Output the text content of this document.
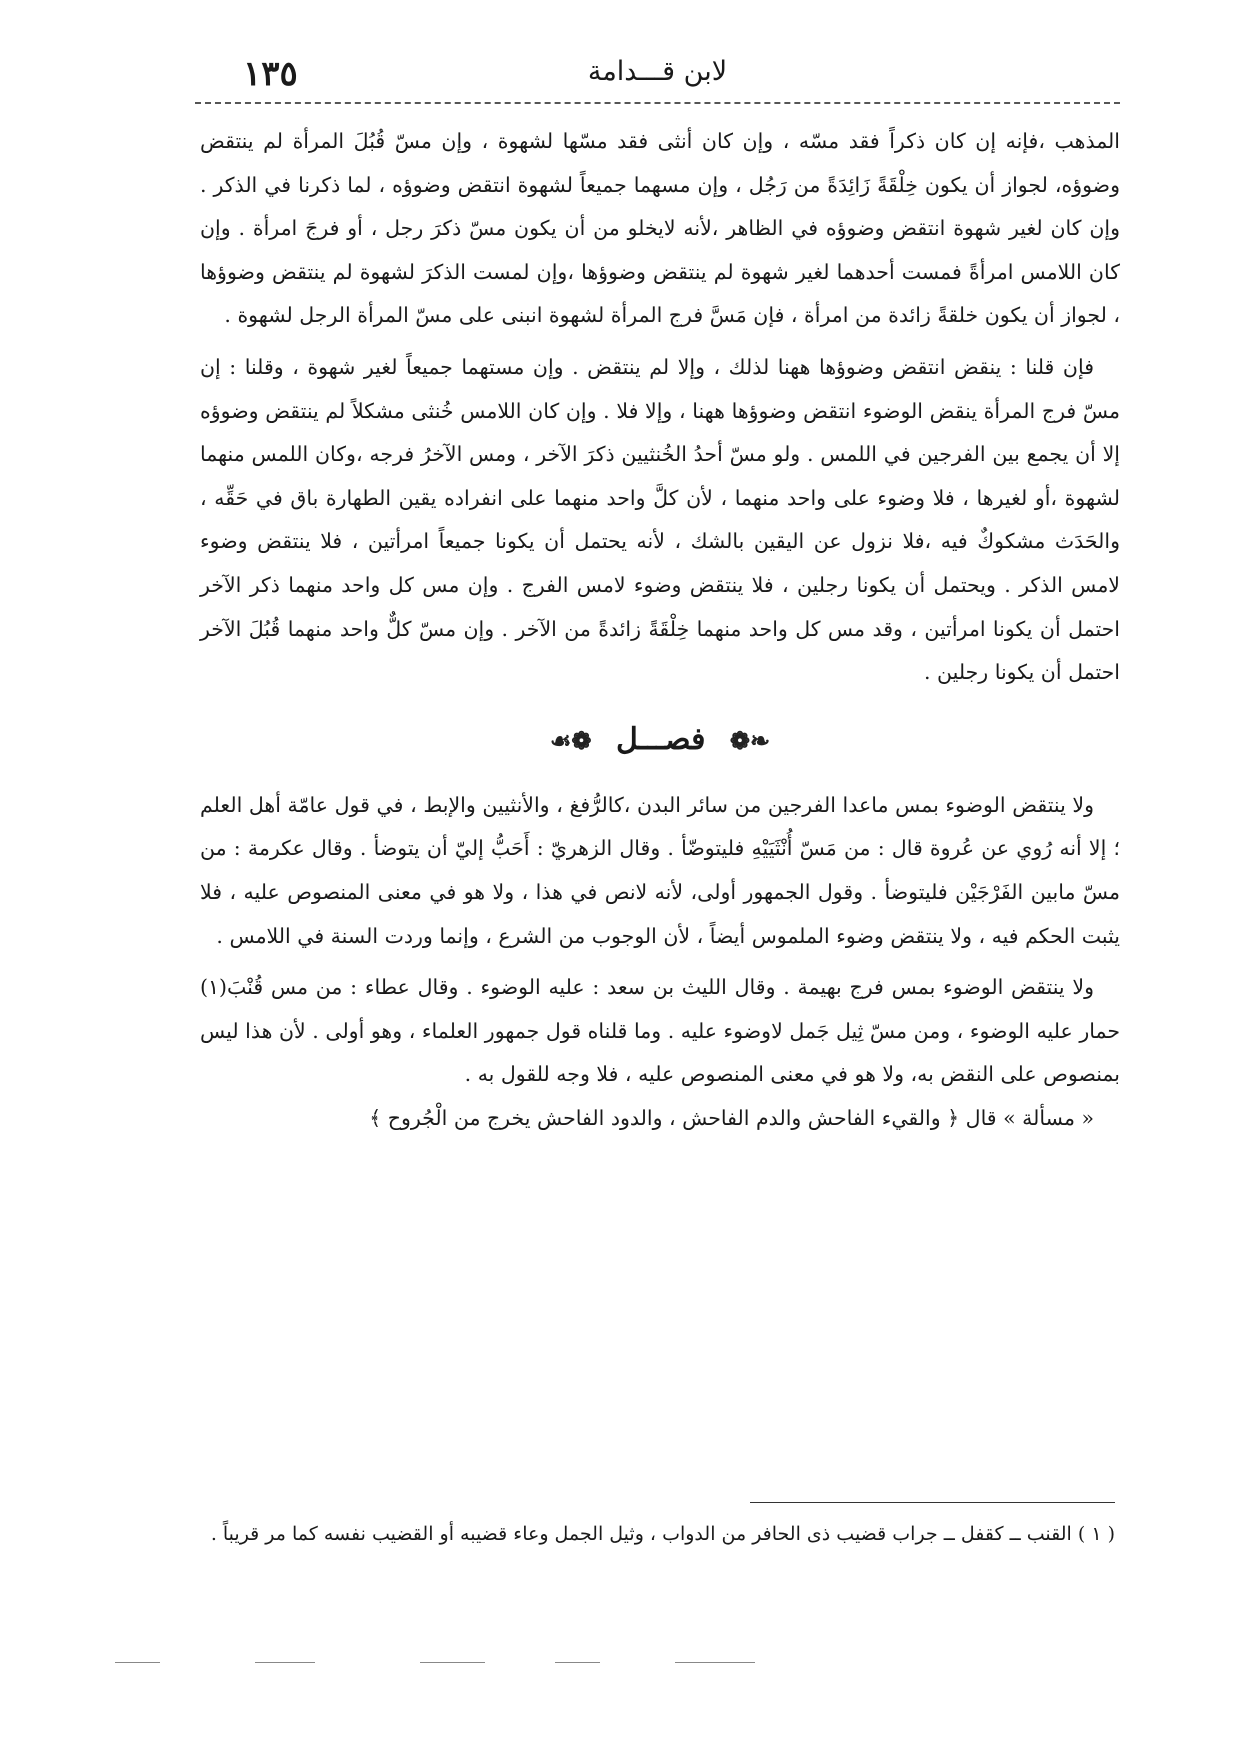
١٣٥	لابن قـــدامة

المذهب ،فإنه إن كان ذكراً فقد مسّه ، وإن كان أنثى فقد مسّها لشهوة ، وإن مسّ قُبُلَ المرأة لم ينتقض وضوؤه، لجواز أن يكون خِلْقَةً زَائِدَةً من رَجُل ، وإن مسهما جميعاً لشهوة انتقض وضوؤه ، لما ذكرنا في الذكر . وإن كان لغير شهوة انتقض وضوؤه في الظاهر ،لأنه لايخلو من أن يكون مسّ ذكرَ رجل ، أو فرجَ امرأة . وإن كان اللامس امرأةً فمست أحدهما لغير شهوة لم ينتقض وضوؤها ،وإن لمست الذكرَ لشهوة لم ينتقض وضوؤها ، لجواز أن يكون خلقةً زائدة من امرأة ، فإن مَسَّ فرج المرأة لشهوة انبنى على مسّ المرأة الرجل لشهوة .

فإن قلنا : ينقض انتقض وضوؤها ههنا لذلك ، وإلا لم ينتقض . وإن مستهما جميعاً لغير شهوة ، وقلنا : إن مسّ فرج المرأة ينقض الوضوء انتقض وضوؤها ههنا ، وإلا فلا . وإن كان اللامس خُنثى مشكلاً لم ينتقض وضوؤه إلا أن يجمع بين الفرجين في اللمس . ولو مسّ أحدُ الخُنثيين ذكرَ الآخر ، ومس الآخرُ فرجه ،وكان اللمس منهما لشهوة ،أو لغيرها ، فلا وضوء على واحد منهما ، لأن كلَّ واحد منهما على انفراده يقين الطهارة باق في حَقِّه ، والحَدَث مشكوكٌ فيه ،فلا نزول عن اليقين بالشك ، لأنه يحتمل أن يكونا جميعاً امرأتين ، فلا ينتقض وضوء لامس الذكر . ويحتمل أن يكونا رجلين ، فلا ينتقض وضوء لامس الفرج . وإن مس كل واحد منهما ذكر الآخر احتمل أن يكونا امرأتين ، وقد مس كل واحد منهما خِلْقَةً زائدةً من الآخر . وإن مسّ كلٌّ واحد منهما قُبُلَ الآخر احتمل أن يكونا رجلين .

❧❁ فصـــل ❁☙

ولا ينتقض الوضوء بمس ماعدا الفرجين من سائر البدن ،كالرُّفغ ، والأنثيين والإبط ، في قول عامّة أهل العلم ؛ إلا أنه رُوي عن عُروة قال : من مَسّ أُنْثَيَيْهِ فليتوضّأ . وقال الزهريّ : أَحَبُّ إليّ أن يتوضأ . وقال عكرمة : من مسّ مابين الفَرْجَيْن فليتوضأ . وقول الجمهور أولى، لأنه لانص في هذا ، ولا هو في معنى المنصوص عليه ، فلا يثبت الحكم فيه ، ولا ينتقض وضوء الملموس أيضاً ، لأن الوجوب من الشرع ، وإنما وردت السنة في اللامس .

ولا ينتقض الوضوء بمس فرج بهيمة . وقال الليث بن سعد : عليه الوضوء . وقال عطاء : من مس قُنْبَ(١) حمار عليه الوضوء ، ومن مسّ ثِيل جَمل لاوضوء عليه . وما قلناه قول جمهور العلماء ، وهو أولى . لأن هذا ليس بمنصوص على النقض به، ولا هو في معنى المنصوص عليه ، فلا وجه للقول به .

« مسألة » قال ﴿ والقيء الفاحش والدم الفاحش ، والدود الفاحش يخرج من الْجُروح ﴾

( ١ ) القنب ــ كقفل ــ جراب قضيب ذى الحافر من الدواب ، وثيل الجمل وعاء قضيبه أو القضيب نفسه كما مر قريباً .
